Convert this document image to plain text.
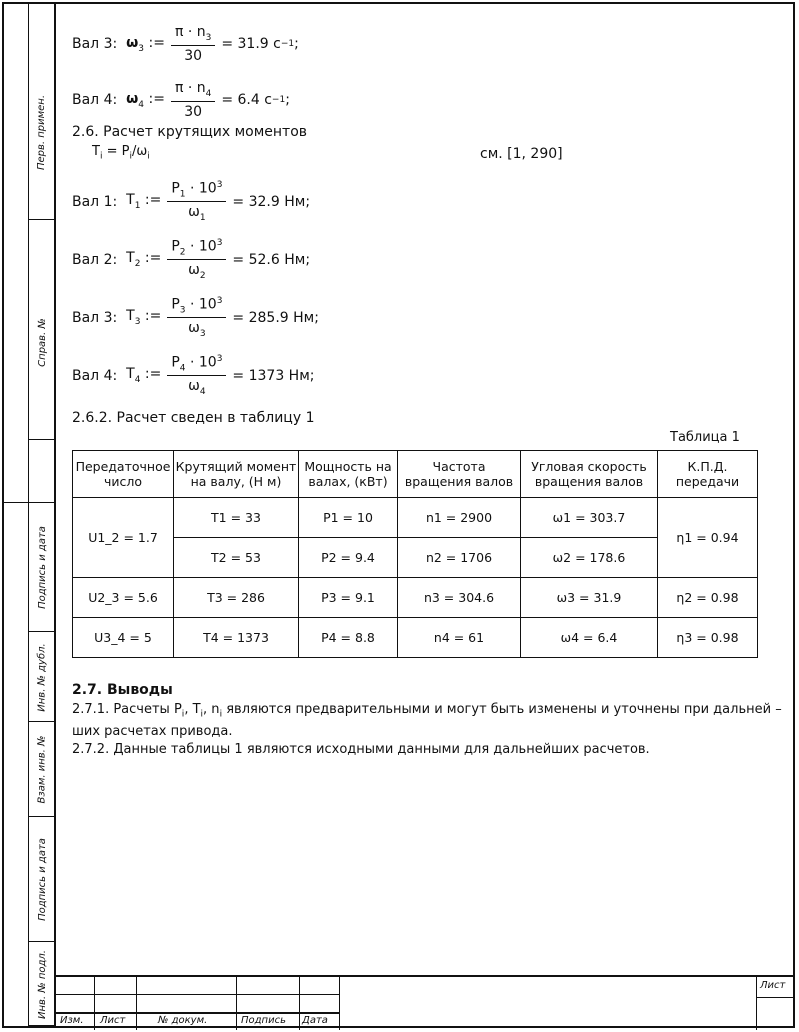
Перв. примен.
Справ. №
Подпись и дата
Инв. № дубл.
Взам. инв. №
Подпись и дата
Инв. № подл.
Вал 3:
$\omega_3$ := $\frac{\pi \cdot n_3}{30} = 31.9$ с −1 ;
Вал 4:
$\omega_4$ := $\frac{\pi \cdot n_4}{30} = 6.4$ с −1 ;
2.6. Расчет крутящих моментов
$T_i = P_i/\omega_i$	см. [1, 290]
Вал 1:
$T_1$ := $\frac{P_1 \cdot 10^3}{\omega_1} = 32.9$ Нм;
Вал 2:
$T_2$ := $\frac{P_2 \cdot 10^3}{\omega_2} = 52.6$ Нм;
Вал 3:
$T_3$ := $\frac{P_3 \cdot 10^3}{\omega_3} = 285.9$ Нм;
Вал 4:
$T_4$ := $\frac{P_4 \cdot 10^3}{\omega_4} = 1373$ Нм;
2.6.2. Расчет сведен в таблицу 1
Таблица 1
Передаточное число	Крутящий момент на валу, (Н м)	Мощность на валах, (кВт)	Частота вращения валов	Угловая скорость вращения валов	К.П.Д. передачи
U1_2 = 1.7	T1 = 33	P1 = 10	n1 = 2900	ω1 = 303.7	η1 = 0.94
	T2 = 53	P2 = 9.4	n2 = 1706	ω2 = 178.6	
U2_3 = 5.6	T3 = 286	P3 = 9.1	n3 = 304.6	ω3 = 31.9	η2 = 0.98
U3_4 = 5	T4 = 1373	P4 = 8.8	n4 = 61	ω4 = 6.4	η3 = 0.98
2.7. Выводы
2.7.1. Расчеты $P_i$, $T_i$, $n_i$ являются предварительными и могут быть изменены и уточнены при дальней –
ших расчетах привода.
2.7.2. Данные таблицы 1 являются исходными данными для дальнейших расчетов.
Изм. Лист	№ докум.	Подпись Дата
Лист
